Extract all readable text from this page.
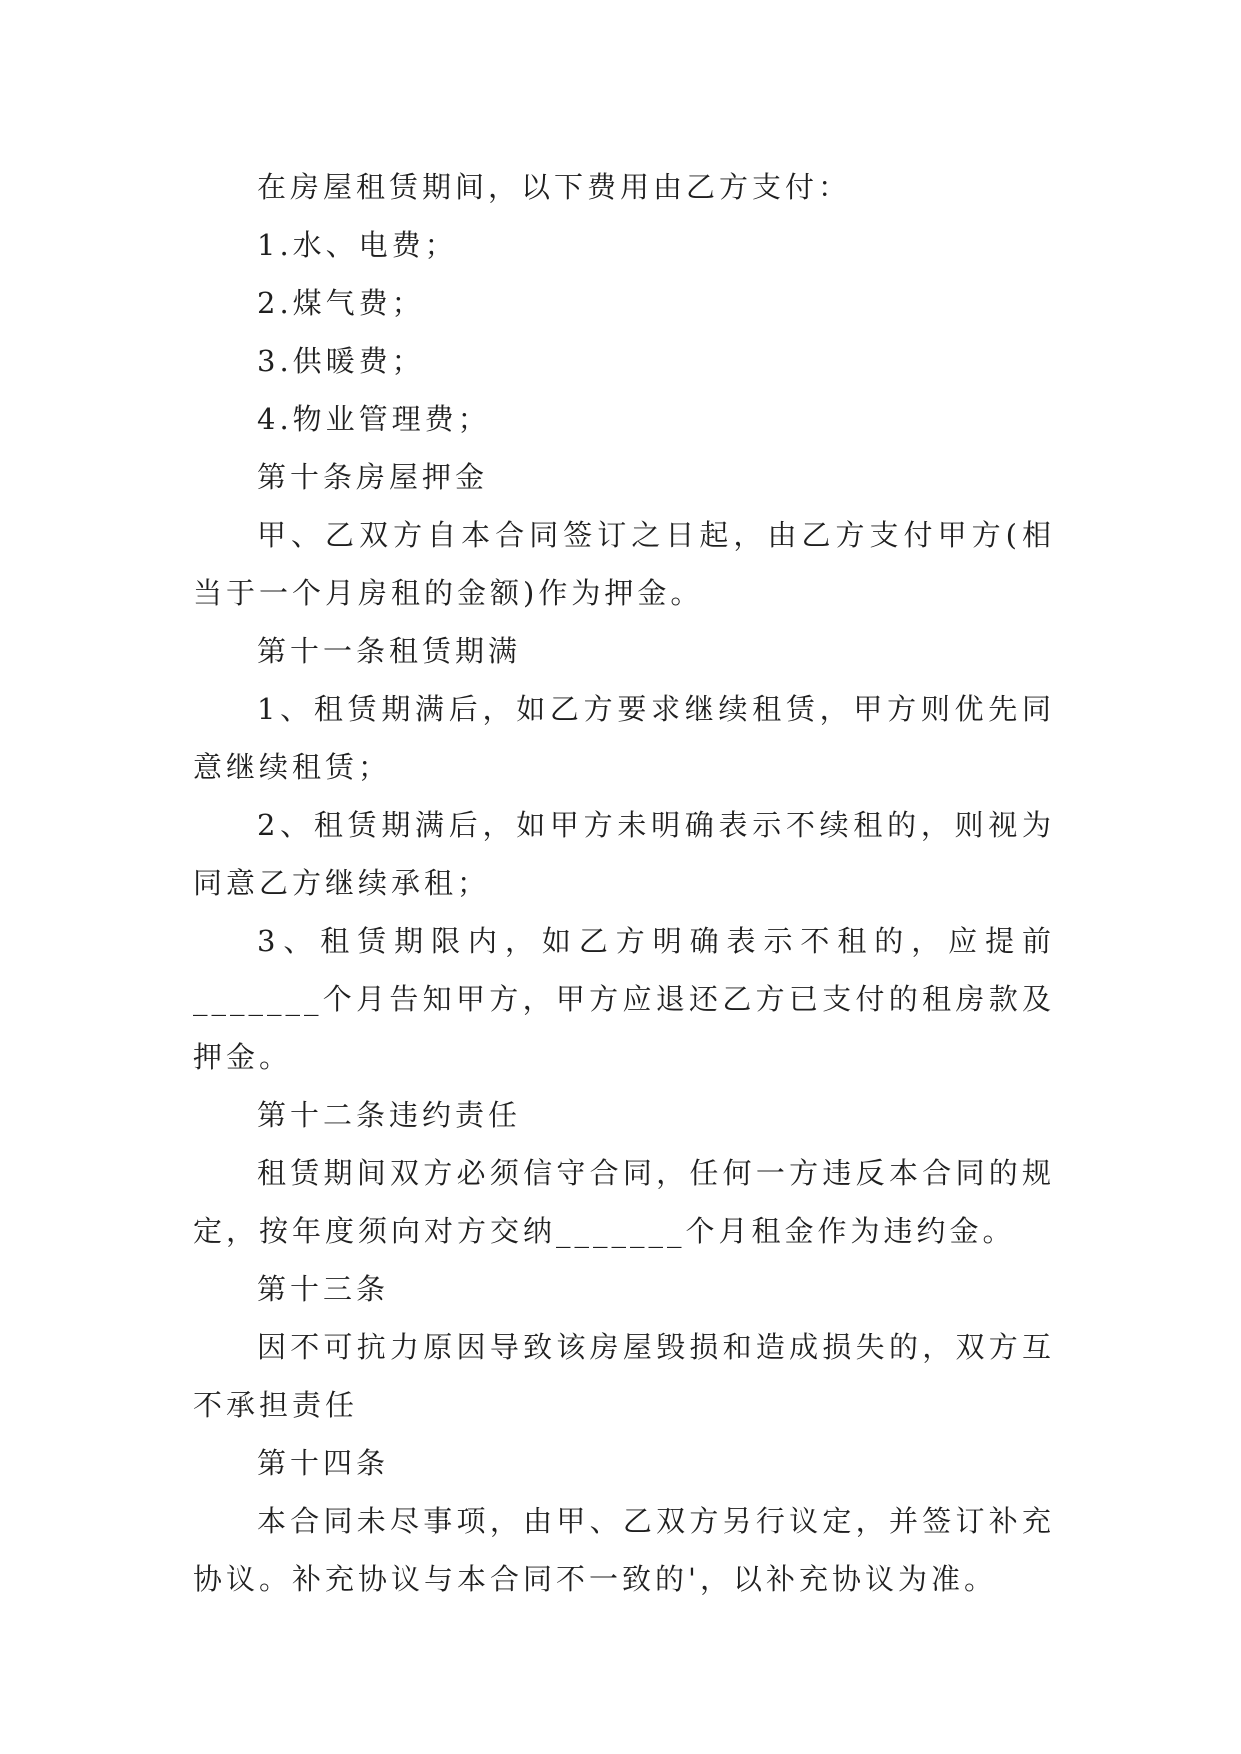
在房屋租赁期间，以下费用由乙方支付：

1.水、电费；

2.煤气费；

3.供暖费；

4.物业管理费；

第十条房屋押金

甲、乙双方自本合同签订之日起，由乙方支付甲方(相当于一个月房租的金额)作为押金。

第十一条租赁期满

1、租赁期满后，如乙方要求继续租赁，甲方则优先同意继续租赁；

2、租赁期满后，如甲方未明确表示不续租的，则视为同意乙方继续承租；

3、租赁期限内，如乙方明确表示不租的，应提前_______个月告知甲方，甲方应退还乙方已支付的租房款及押金。

第十二条违约责任

租赁期间双方必须信守合同，任何一方违反本合同的规定，按年度须向对方交纳_______个月租金作为违约金。

第十三条

因不可抗力原因导致该房屋毁损和造成损失的，双方互不承担责任

第十四条

本合同未尽事项，由甲、乙双方另行议定，并签订补充协议。补充协议与本合同不一致的'，以补充协议为准。
